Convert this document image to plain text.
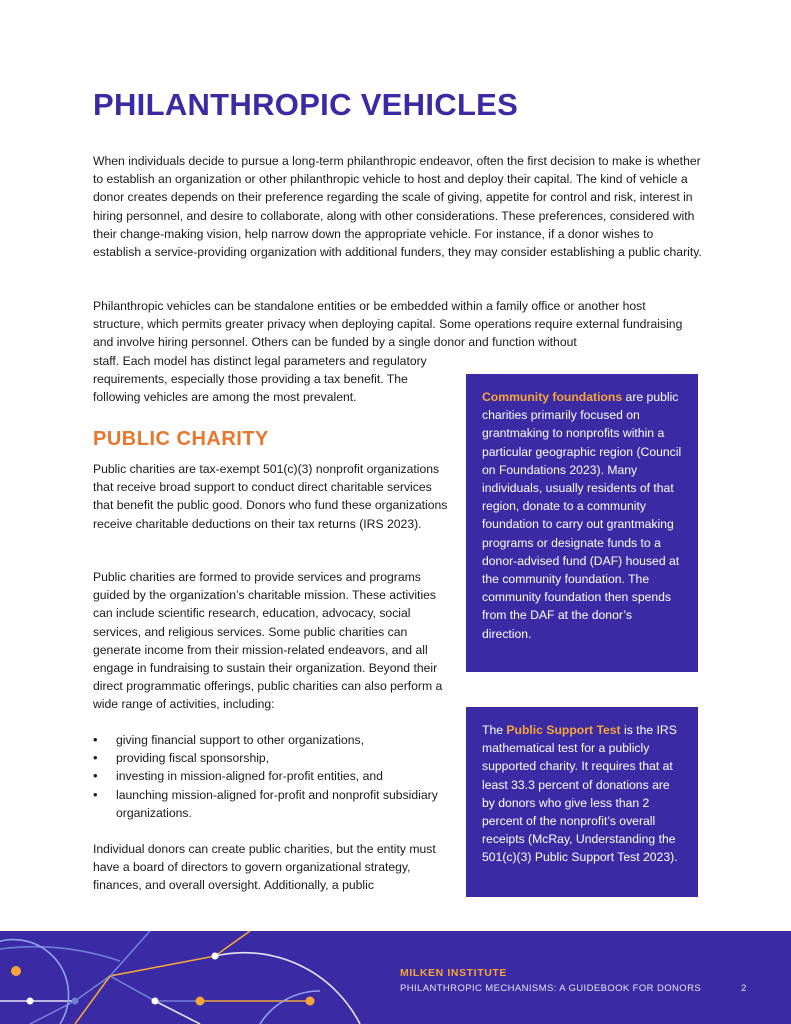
PHILANTHROPIC VEHICLES

When individuals decide to pursue a long-term philanthropic endeavor, often the first decision to make is whether to establish an organization or other philanthropic vehicle to host and deploy their capital. The kind of vehicle a donor creates depends on their preference regarding the scale of giving, appetite for control and risk, interest in hiring personnel, and desire to collaborate, along with other considerations. These preferences, considered with their change-making vision, help narrow down the appropriate vehicle. For instance, if a donor wishes to establish a service-providing organization with additional funders, they may consider establishing a public charity.

Philanthropic vehicles can be standalone entities or be embedded within a family office or another host structure, which permits greater privacy when deploying capital. Some operations require external fundraising and involve hiring personnel. Others can be funded by a single donor and function without

staff. Each model has distinct legal parameters and regulatory requirements, especially those providing a tax benefit. The following vehicles are among the most prevalent.

PUBLIC CHARITY

Public charities are tax-exempt 501(c)(3) nonprofit organizations that receive broad support to conduct direct charitable services that benefit the public good. Donors who fund these organizations receive charitable deductions on their tax returns (IRS 2023).

Public charities are formed to provide services and programs guided by the organization’s charitable mission. These activities can include scientific research, education, advocacy, social services, and religious services. Some public charities can generate income from their mission-related endeavors, and all engage in fundraising to sustain their organization. Beyond their direct programmatic offerings, public charities can also perform a wide range of activities, including:

• giving financial support to other organizations,
• providing fiscal sponsorship,
• investing in mission-aligned for-profit entities, and
• launching mission-aligned for-profit and nonprofit subsidiary organizations.

Individual donors can create public charities, but the entity must have a board of directors to govern organizational strategy, finances, and overall oversight. Additionally, a public

Community foundations are public charities primarily focused on grantmaking to nonprofits within a particular geographic region (Council on Foundations 2023). Many individuals, usually residents of that region, donate to a community foundation to carry out grantmaking programs or designate funds to a donor-advised fund (DAF) housed at the community foundation. The community foundation then spends from the DAF at the donor’s direction.
The Public Support Test is the IRS mathematical test for a publicly supported charity. It requires that at least 33.3 percent of donations are by donors who give less than 2 percent of the nonprofit’s overall receipts (McRay, Understanding the 501(c)(3) Public Support Test 2023).
MILKEN INSTITUTE
PHILANTHROPIC MECHANISMS: A GUIDEBOOK FOR DONORS	2
